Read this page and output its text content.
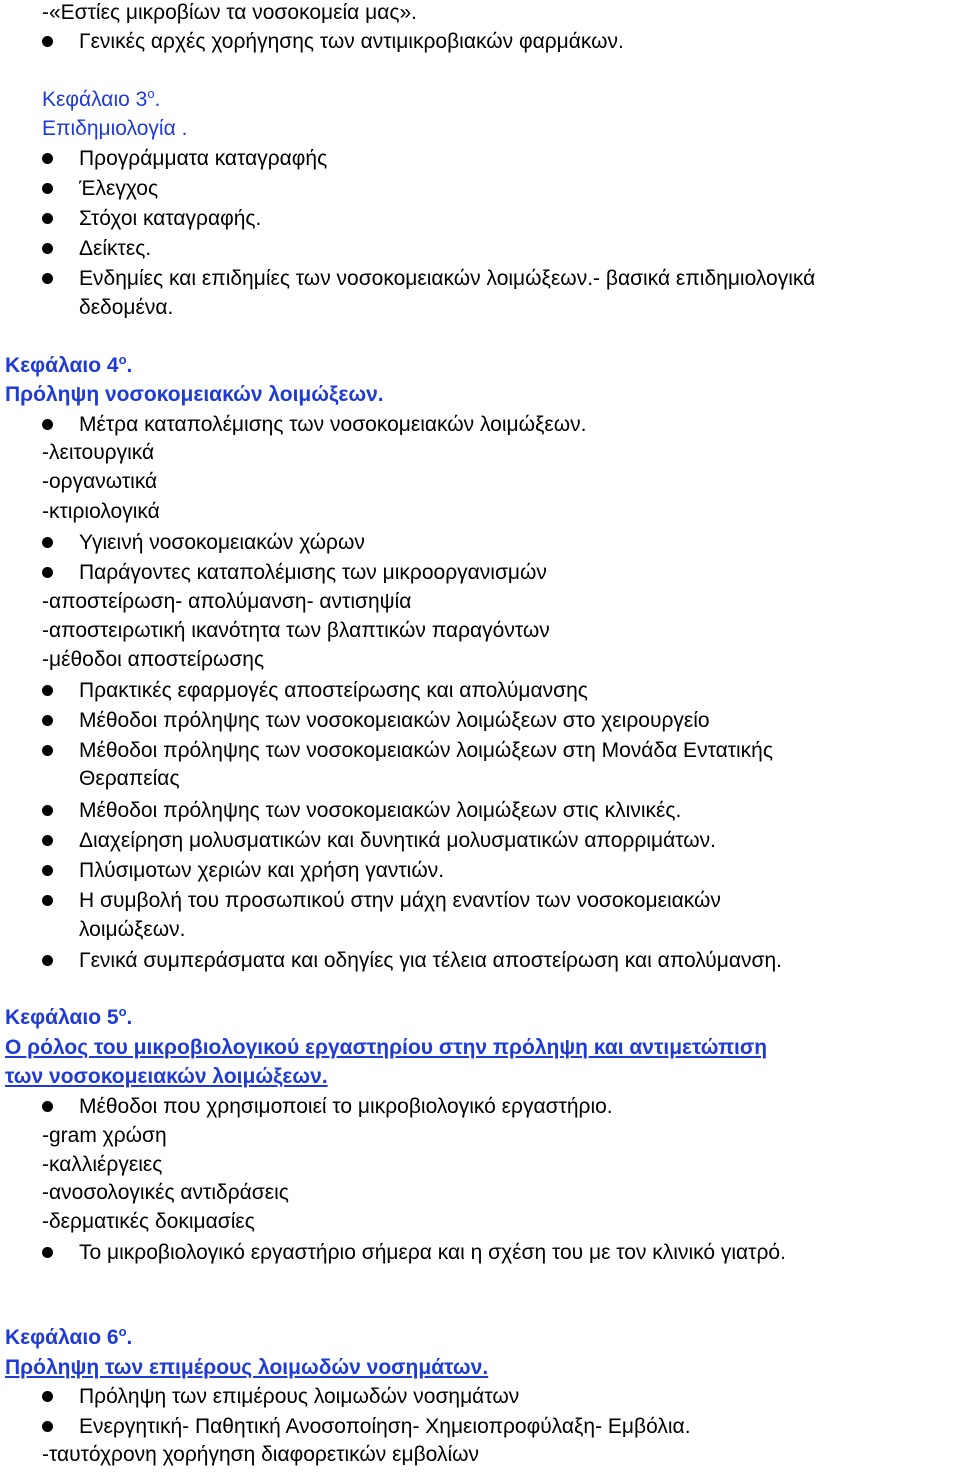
-«Εστίες μικροβίων τα νοσοκομεία μας».
Γενικές αρχές χορήγησης των αντιμικροβιακών φαρμάκων.
Κεφάλαιο $3^o$.
Επιδημιολογία .
Προγράμματα καταγραφής
Έλεγχος
Στόχοι καταγραφής.
Δείκτες.
Ενδημίες και επιδημίες των νοσοκομειακών λοιμώξεων.- βασικά επιδημιολογικά
δεδομένα.
Κεφάλαιο $4^o$.
Πρόληψη νοσοκομειακών λοιμώξεων.
Μέτρα καταπολέμισης των νοσοκομειακών λοιμώξεων.
-λειτουργικά
-οργανωτικά
-κτιριολογικά
Υγιεινή νοσοκομειακών χώρων
Παράγοντες καταπολέμισης των μικροοργανισμών
-αποστείρωση- απολύμανση- αντισηψία
-αποστειρωτική ικανότητα των βλαπτικών παραγόντων
-μέθοδοι αποστείρωσης
Πρακτικές εφαρμογές αποστείρωσης και απολύμανσης
Μέθοδοι πρόληψης των νοσοκομειακών λοιμώξεων στο χειρουργείο
Μέθοδοι πρόληψης των νοσοκομειακών λοιμώξεων στη Μονάδα Εντατικής
Θεραπείας
Μέθοδοι πρόληψης των νοσοκομειακών λοιμώξεων στις κλινικές.
Διαχείρηση μολυσματικών και δυνητικά μολυσματικών απορριμάτων.
Πλύσιμοτων χεριών και χρήση γαντιών.
Η συμβολή του προσωπικού στην μάχη εναντίον των νοσοκομειακών
λοιμώξεων.
Γενικά συμπεράσματα και οδηγίες για τέλεια αποστείρωση και απολύμανση.
Κεφάλαιο $5^o$.
Ο ρόλος του μικροβιολογικού εργαστηρίου στην πρόληψη και αντιμετώπιση
των νοσοκομειακών λοιμώξεων.
Μέθοδοι που χρησιμοποιεί το μικροβιολογικό εργαστήριο.
-gram χρώση
-καλλιέργειες
-ανοσολογικές αντιδράσεις
-δερματικές δοκιμασίες
Το μικροβιολογικό εργαστήριο σήμερα και η σχέση του με τον κλινικό γιατρό.
Κεφάλαιο $6^o$.
Πρόληψη των επιμέρους λοιμωδών νοσημάτων.
Πρόληψη των επιμέρους λοιμωδών νοσημάτων
Ενεργητική- Παθητική Ανοσοποίηση- Χημειοπροφύλαξη- Εμβόλια.
-ταυτόχρονη χορήγηση διαφορετικών εμβολίων
